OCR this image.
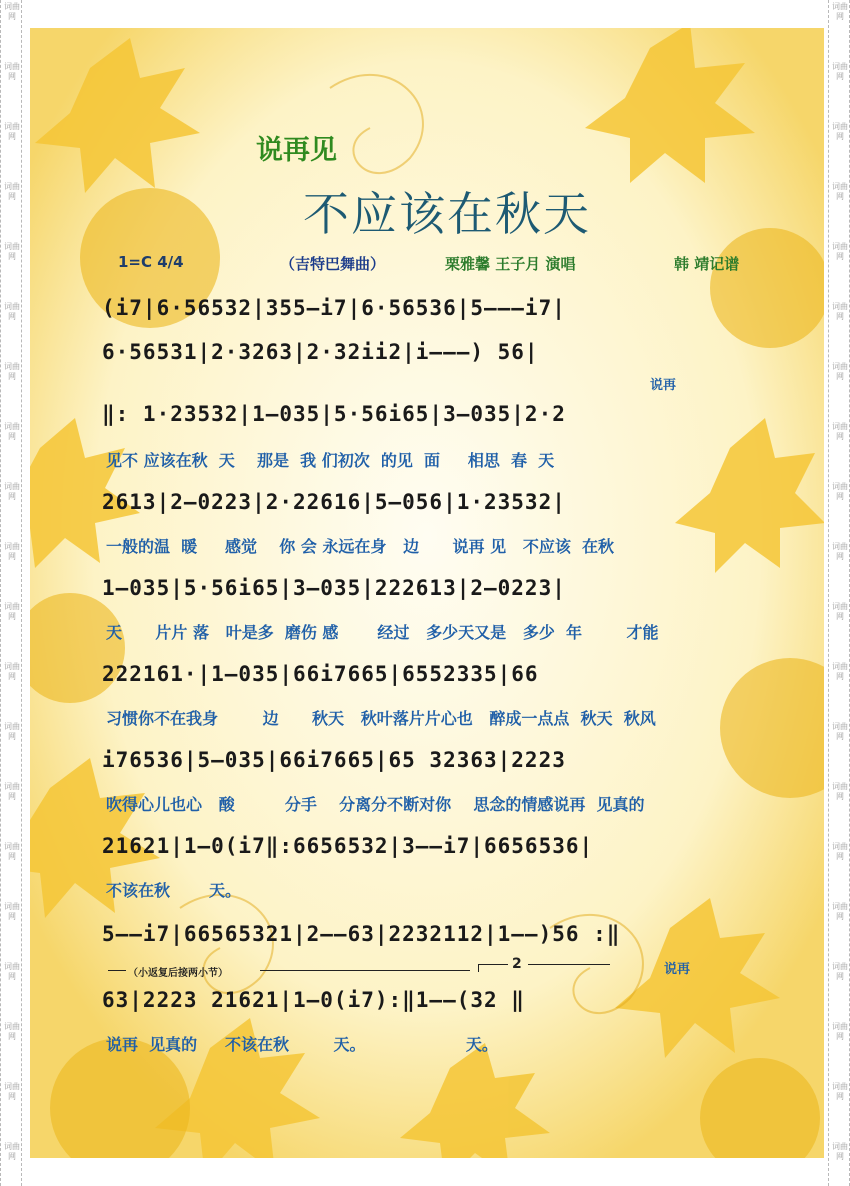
词曲网
词曲网
词曲网
词曲网
词曲网
词曲网
词曲网
词曲网
词曲网
词曲网
词曲网
词曲网
词曲网
词曲网
词曲网
词曲网
词曲网
词曲网
词曲网
词曲网
词曲网
词曲网
词曲网
词曲网
词曲网
词曲网
词曲网
词曲网
词曲网
词曲网
词曲网
词曲网
词曲网
词曲网
词曲网
词曲网
词曲网
词曲网
词曲网
词曲网
说再见
不应该在秋天
1=C 4/4	（吉特巴舞曲）	栗雅馨 王子月 演唱	韩 靖记谱
(i7|6·56532|355–i7|6·56536|5–––i7|
6·56531|2·3263|2·32ii2|i–––) 56|
说再
‖: 1·23532|1–035|5·56i65|3–035|2·2
见不 应该在秋  天    那是  我 们初次  的见  面     相思  春  天
2613|2–0223|2·22616|5–056|1·23532|
一般的温  暖     感觉    你 会 永远在身   边      说再 见   不应该  在秋
1–035|5·56i65|3–035|222613|2–0223|
天      片片 落   叶是多  磨伤 感       经过   多少天又是   多少  年        才能
222161·|1–035|66i7665|6552335|66
习惯你不在我身        边      秋天   秋叶落片片心也   醉成一点点  秋天  秋风
i76536|5–035|66i7665|65 32363|2223
吹得心儿也心   酸         分手    分离分不断对你    思念的情感说再  见真的
21621|1–0(i7‖:6656532|3––i7|6656536|
不该在秋       天。
5––i7|66565321|2––63|2232112|1––)56 :‖
说再
（小返复后接两小节）
2
63|2223 21621|1–0(i7):‖1––(32 ‖
说再  见真的     不该在秋        天。                  天。
